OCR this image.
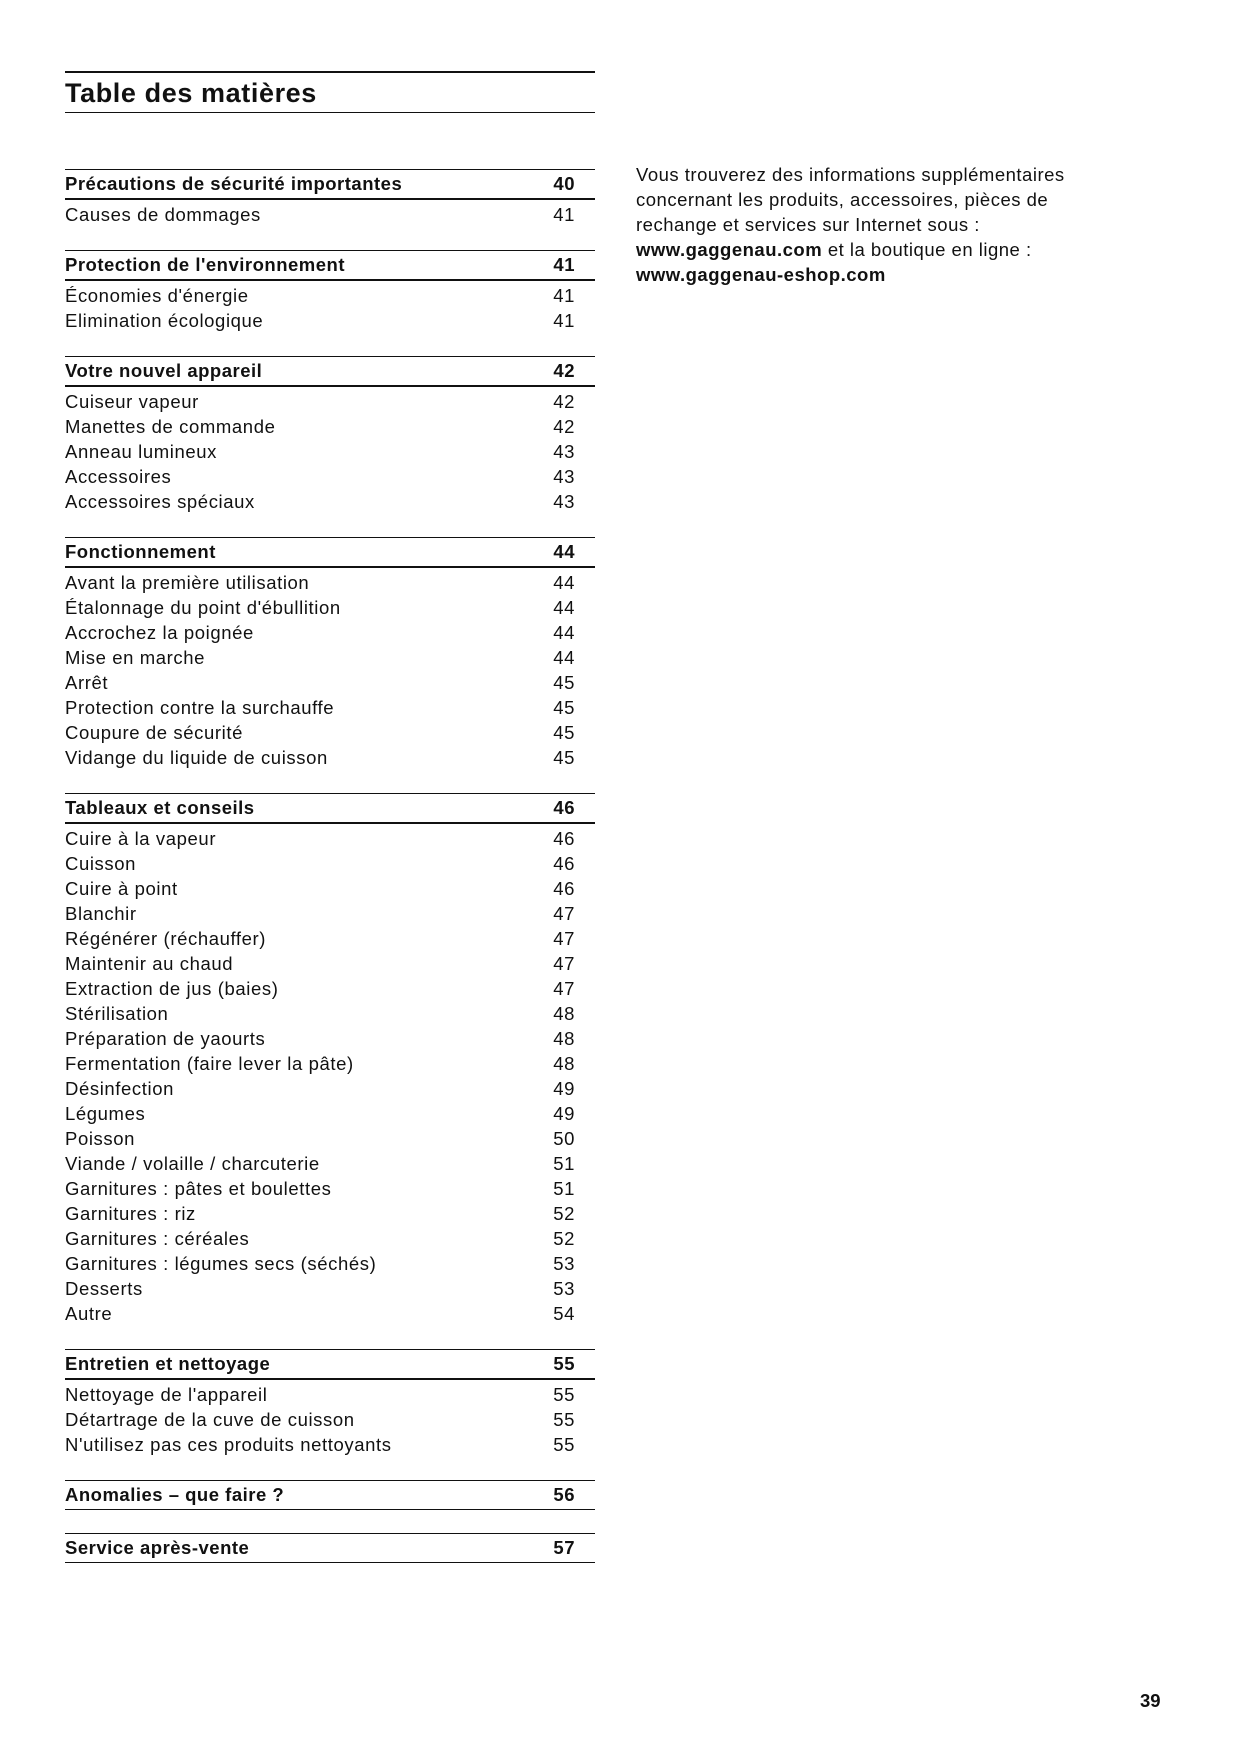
Table des matières
Précautions de sécurité importantes	40
Causes de dommages	41
Protection de l'environnement	41
Économies d'énergie	41
Elimination écologique	41
Votre nouvel appareil	42
Cuiseur vapeur	42
Manettes de commande	42
Anneau lumineux	43
Accessoires	43
Accessoires spéciaux	43
Fonctionnement	44
Avant la première utilisation	44
Étalonnage du point d'ébullition	44
Accrochez la poignée	44
Mise en marche	44
Arrêt	45
Protection contre la surchauffe	45
Coupure de sécurité	45
Vidange du liquide de cuisson	45
Tableaux et conseils	46
Cuire à la vapeur	46
Cuisson	46
Cuire à point	46
Blanchir	47
Régénérer (réchauffer)	47
Maintenir au chaud	47
Extraction de jus (baies)	47
Stérilisation	48
Préparation de yaourts	48
Fermentation (faire lever la pâte)	48
Désinfection	49
Légumes	49
Poisson	50
Viande / volaille / charcuterie	51
Garnitures : pâtes et boulettes	51
Garnitures : riz	52
Garnitures : céréales	52
Garnitures : légumes secs (séchés)	53
Desserts	53
Autre	54
Entretien et nettoyage	55
Nettoyage de l'appareil	55
Détartrage de la cuve de cuisson	55
N'utilisez pas ces produits nettoyants	55
Anomalies – que faire ?	56
Service après-vente	57
Vous trouverez des informations supplémentaires concernant les produits, accessoires, pièces de rechange et services sur Internet sous :
www.gaggenau.com et la boutique en ligne :
www.gaggenau-eshop.com
39
